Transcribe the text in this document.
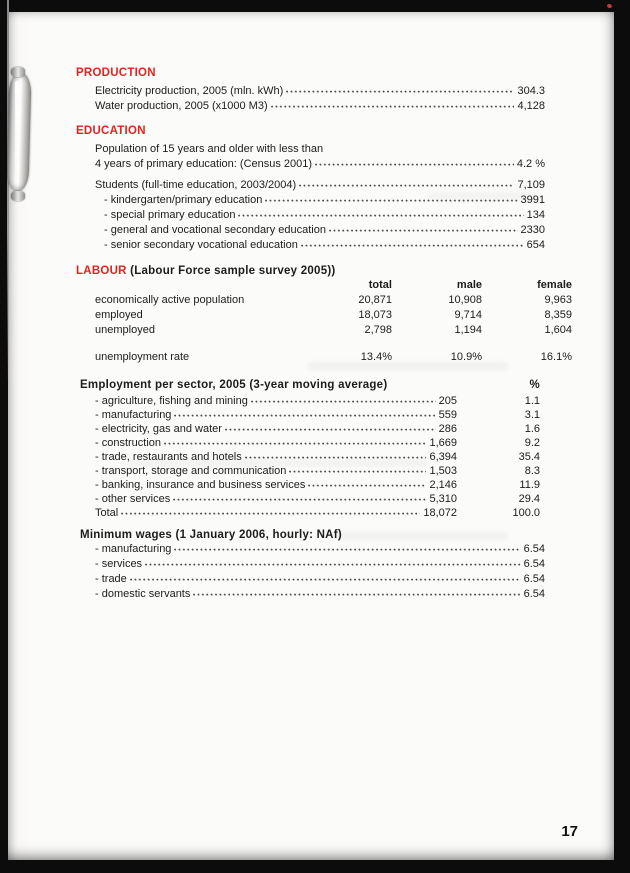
PRODUCTION
Electricity production, 2005 (mln. kWh)	304.3
Water production, 2005 (x1000 M3)	4,128
EDUCATION
Population of 15 years and older with less than
4 years of primary education: (Census 2001)	4.2 %
Students (full-time education, 2003/2004)	7,109
- kindergarten/primary education	3991
- special primary education	134
- general and vocational secondary education	2330
- senior secondary vocational education	654
LABOUR (Labour Force sample survey 2005))
total	male	female
economically active population	20,871	10,908	9,963
employed	18,073	9,714	8,359
unemployed	2,798	1,194	1,604
unemployment rate	13.4%	10.9%	16.1%
Employment per sector, 2005 (3-year moving average)	%
- agriculture, fishing and mining	205	1.1
- manufacturing	559	3.1
- electricity, gas and water	286	1.6
- construction	1,669	9.2
- trade, restaurants and hotels	6,394	35.4
- transport, storage and communication	1,503	8.3
- banking, insurance and business services	2,146	11.9
- other services	5,310	29.4
Total	18,072	100.0
Minimum wages (1 January 2006, hourly: NAf)
- manufacturing	6.54
- services	6.54
- trade	6.54
- domestic servants	6.54
17
